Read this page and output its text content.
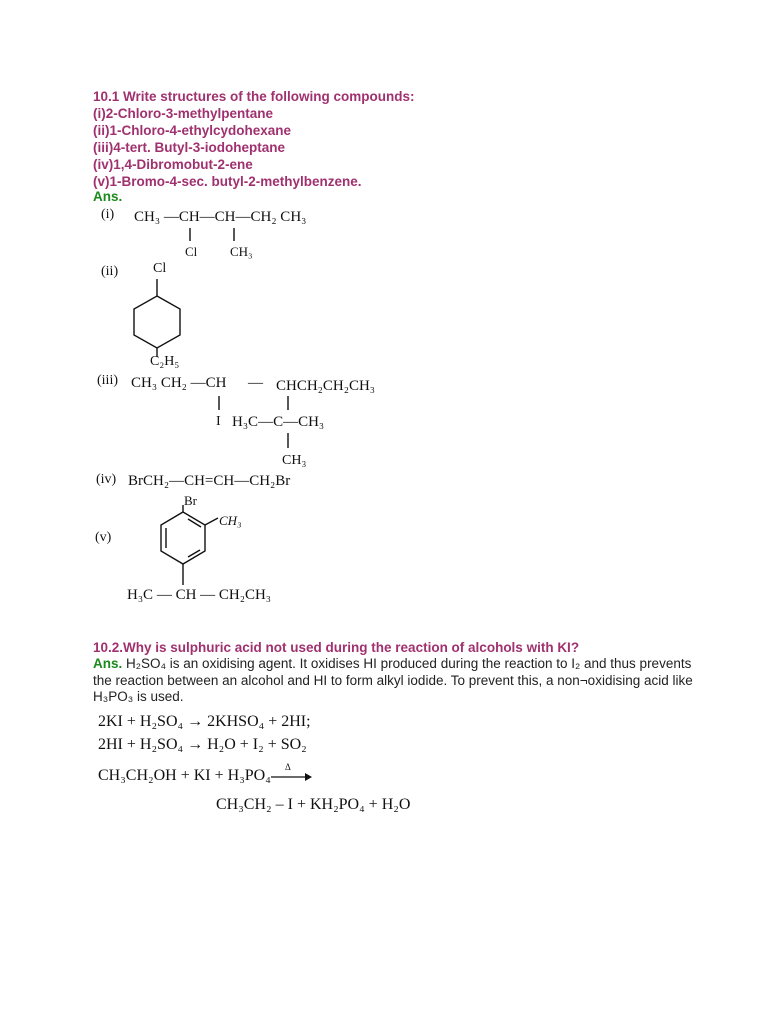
10.1 Write structures of the following compounds:
(i)2-Chloro-3-methylpentane
(ii)1-Chloro-4-ethylcydohexane
(iii)4-tert. Butyl-3-iodoheptane
(iv)1,4-Dibromobut-2-ene
(v)1-Bromo-4-sec. butyl-2-methylbenzene.
Ans.
(i) CH₃ —CH—CH—CH₂ CH₃
Cl	CH₃
(ii) Cl
C₂H₅
(iii) CH₃ CH₂ —CH — CHCH₂CH₂CH₃
I H₃C—C—CH₃
CH₃
(iv) BrCH₂—CH=CH—CH₂Br
Br
CH₃
(v)
H₃C — CH — CH₂CH₃
10.2.Why is sulphuric acid not used during the reaction of alcohols with KI?
Ans. H₂SO₄ is an oxidising agent. It oxidises HI produced during the reaction to I₂ and thus prevents the reaction between an alcohol and HI to form alkyl iodide. To prevent this, a non¬oxidising acid like H₃PO₃ is used.
2KI + H₂SO₄ → 2KHSO₄ + 2HI;
2HI + H₂SO₄ → H₂O + I₂ + SO₂
CH₃CH₂OH + KI + H₃PO₄ Δ
CH₃CH₂ – I + KH₂PO₄ + H₂O
